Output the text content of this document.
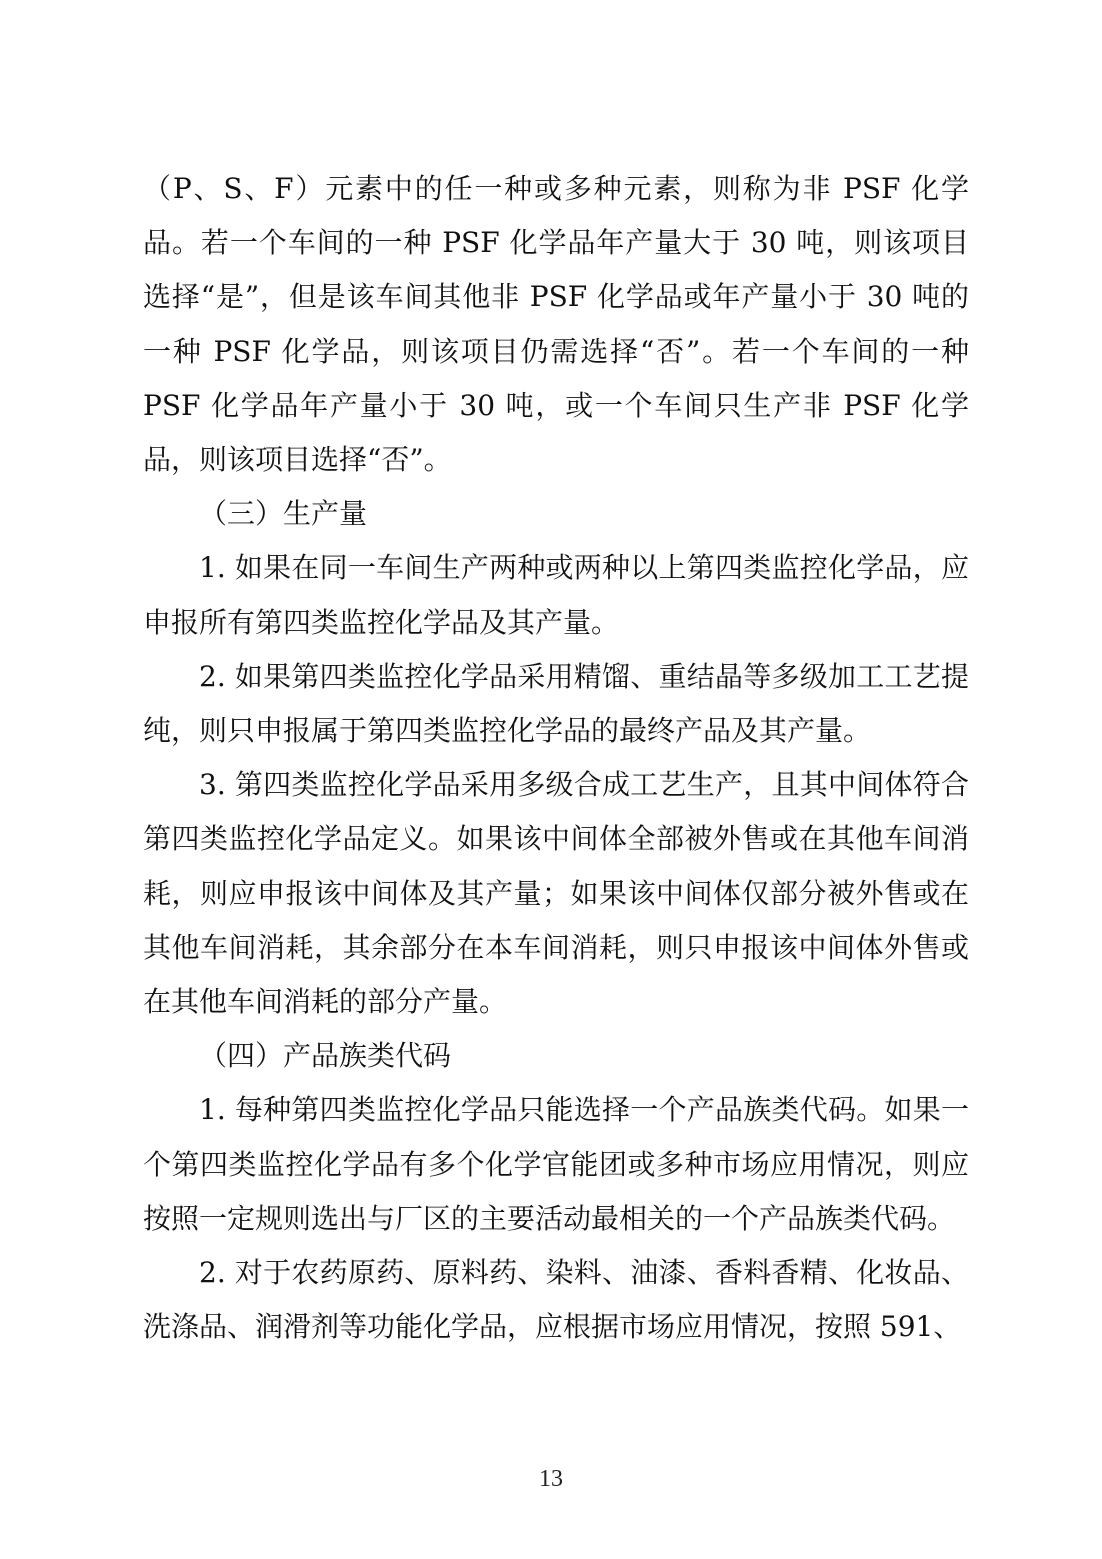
（P、S、F）元素中的任一种或多种元素，则称为非 PSF 化学品。若一个车间的一种 PSF 化学品年产量大于 30 吨，则该项目选择“是”，但是该车间其他非 PSF 化学品或年产量小于 30 吨的一种 PSF 化学品，则该项目仍需选择“否”。若一个车间的一种 PSF 化学品年产量小于 30 吨，或一个车间只生产非 PSF 化学品，则该项目选择“否”。

（三）生产量

1. 如果在同一车间生产两种或两种以上第四类监控化学品，应申报所有第四类监控化学品及其产量。

2. 如果第四类监控化学品采用精馏、重结晶等多级加工工艺提纯，则只申报属于第四类监控化学品的最终产品及其产量。

3. 第四类监控化学品采用多级合成工艺生产，且其中间体符合第四类监控化学品定义。如果该中间体全部被外售或在其他车间消耗，则应申报该中间体及其产量；如果该中间体仅部分被外售或在其他车间消耗，其余部分在本车间消耗，则只申报该中间体外售或在其他车间消耗的部分产量。

（四）产品族类代码

1. 每种第四类监控化学品只能选择一个产品族类代码。如果一个第四类监控化学品有多个化学官能团或多种市场应用情况，则应按照一定规则选出与厂区的主要活动最相关的一个产品族类代码。

2. 对于农药原药、原料药、染料、油漆、香料香精、化妆品、洗涤品、润滑剂等功能化学品，应根据市场应用情况，按照 591、

13
